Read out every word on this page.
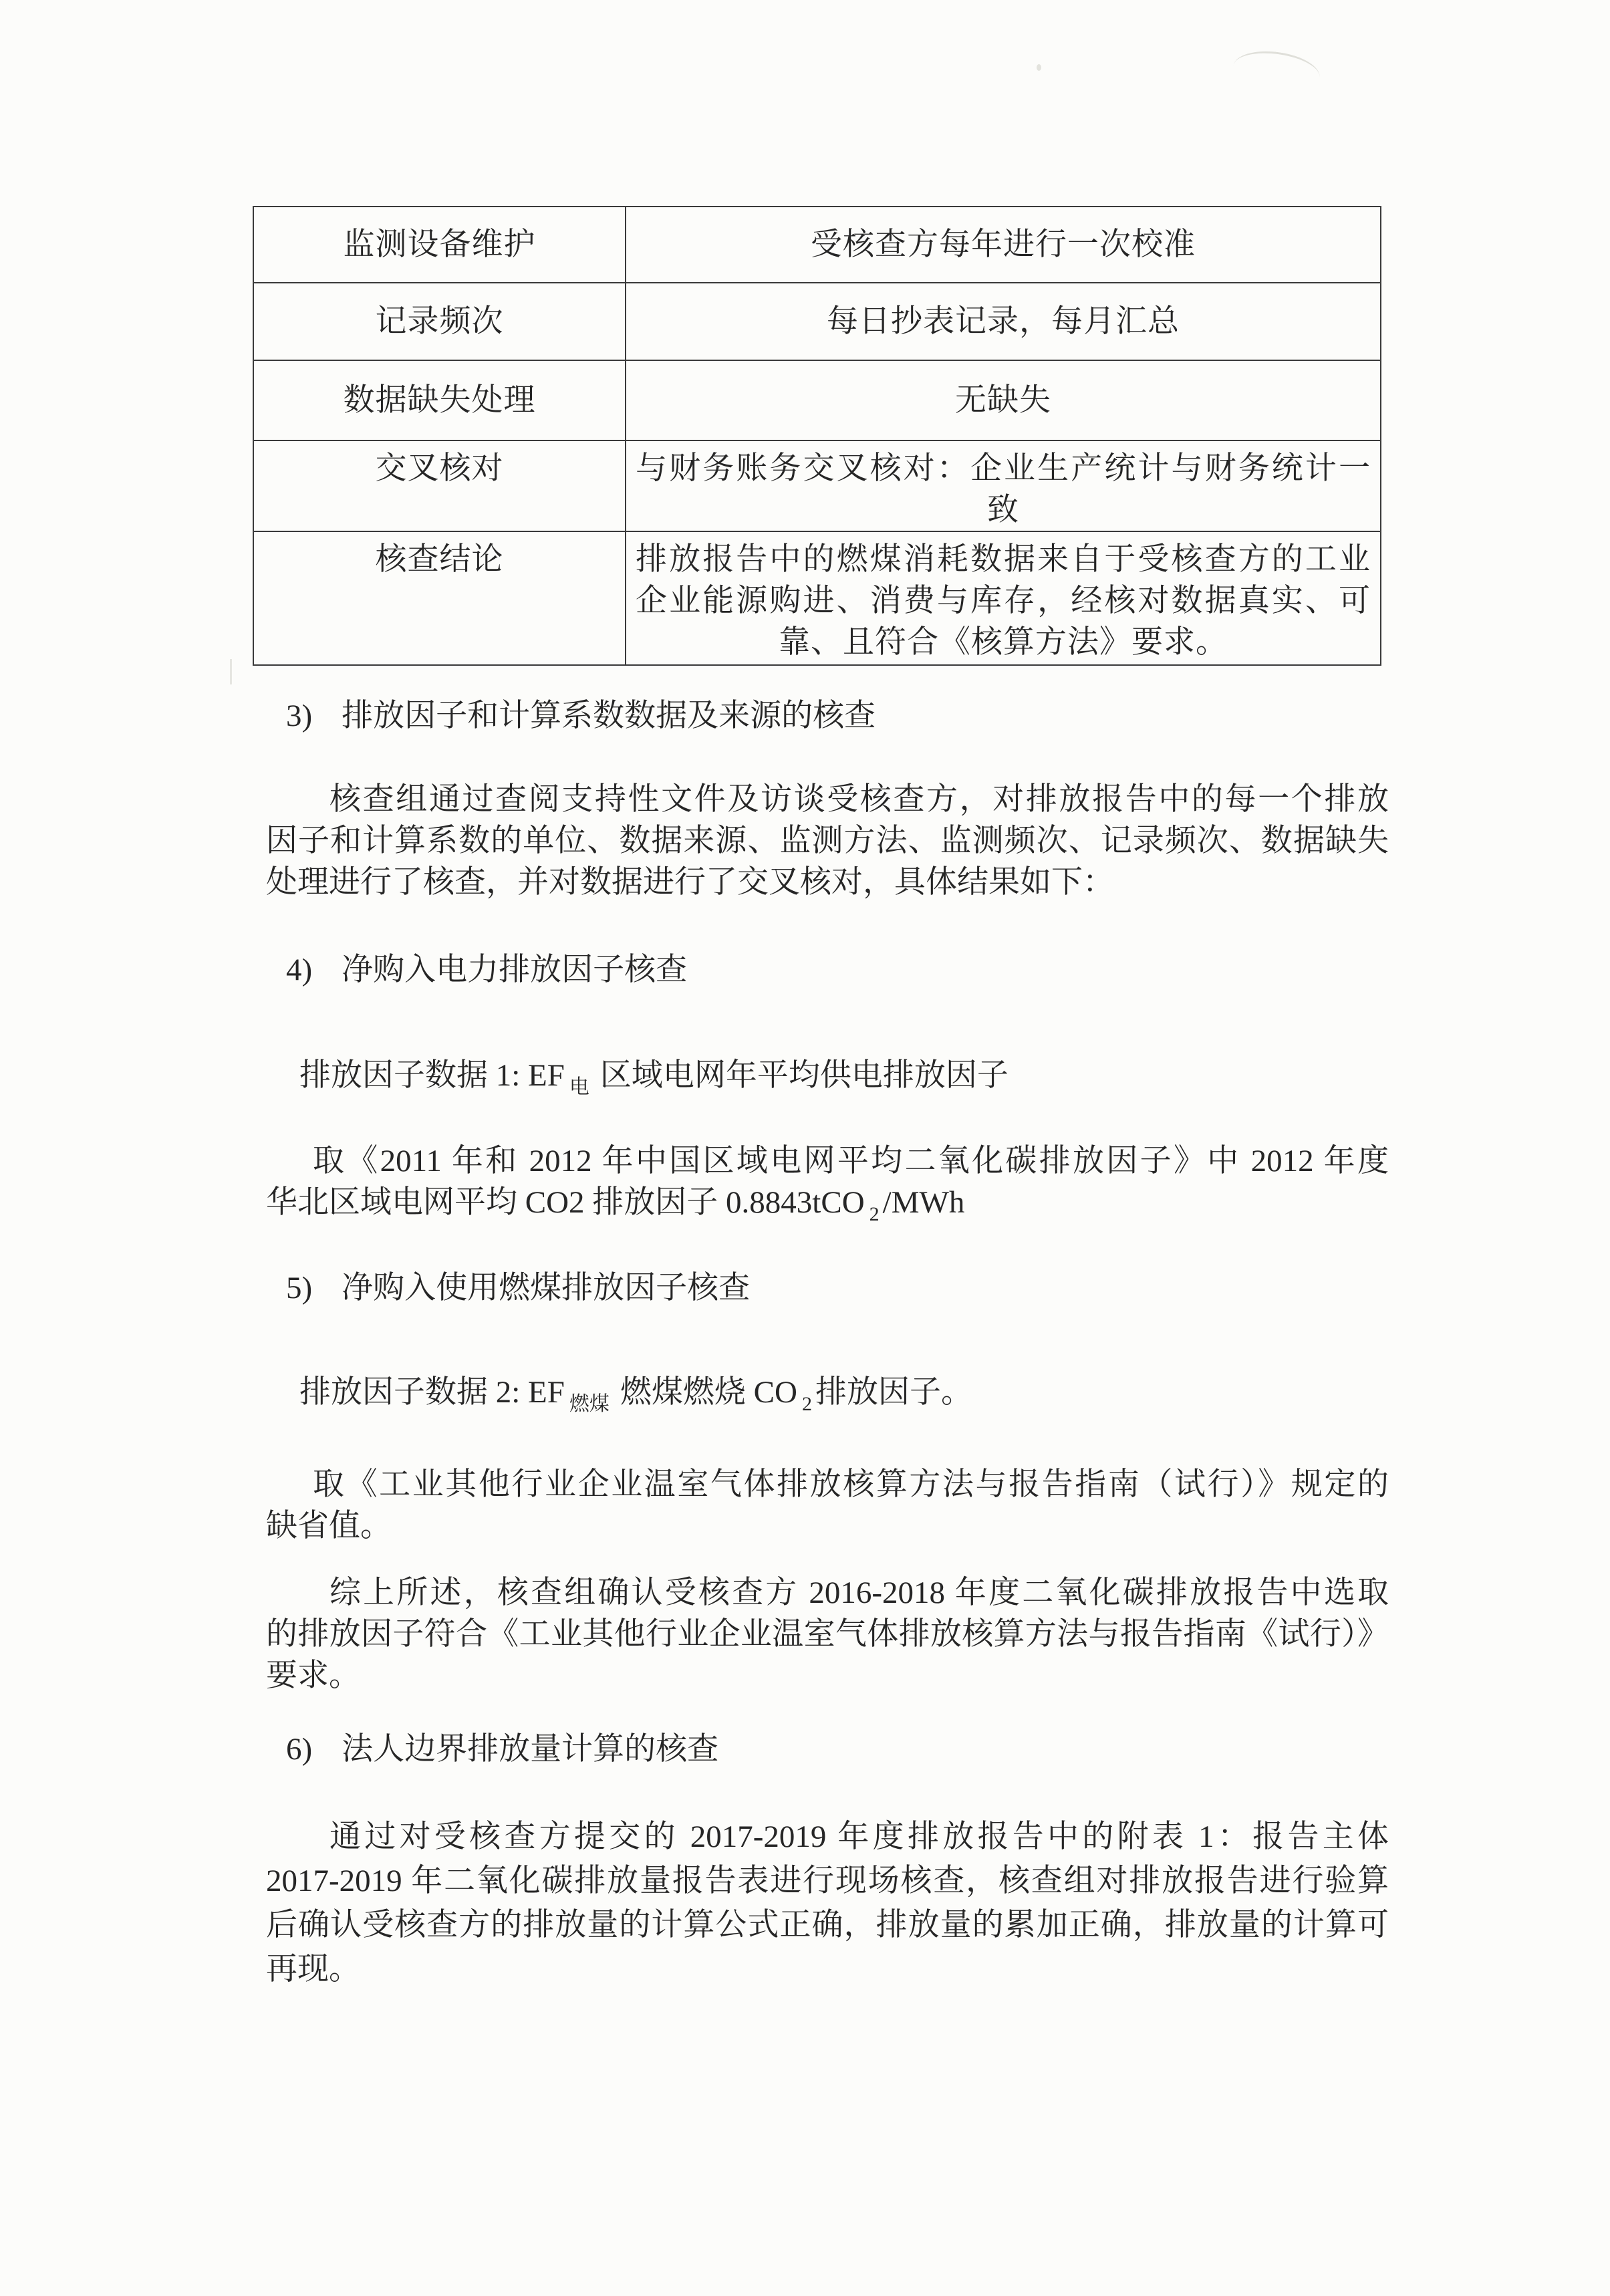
监测设备维护	受核查方每年进行一次校准

记录频次	每日抄表记录，每月汇总

数据缺失处理	无缺失

交叉核对	与财务账务交叉核对：企业生产统计与财务统计一
致

核查结论	排放报告中的燃煤消耗数据来自于受核查方的工业
企业能源购进、消费与库存，经核对数据真实、可
靠、且符合《核算方法》要求。
3) 排放因子和计算系数数据及来源的核查
核查组通过查阅支持性文件及访谈受核查方，对排放报告中的每一个排放
因子和计算系数的单位、数据来源、监测方法、监测频次、记录频次、数据缺失
处理进行了核查，并对数据进行了交叉核对，具体结果如下：
4) 净购入电力排放因子核查
排放因子数据 1: EF $_电$ 区域电网年平均供电排放因子
取《2011 年和 2012 年中国区域电网平均二氧化碳排放因子》中 2012 年度
华北区域电网平均 CO2 排放因子 0.8843tCO $_2$ /MWh
5) 净购入使用燃煤排放因子核查
排放因子数据 2: EF $_{燃煤}$ 燃煤燃烧 CO $_2$ 排放因子。
取《工业其他行业企业温室气体排放核算方法与报告指南（试行）》规定的
缺省值。
综上所述，核查组确认受核查方 2016-2018 年度二氧化碳排放报告中选取
的排放因子符合《工业其他行业企业温室气体排放核算方法与报告指南《试行）》
要求。
6) 法人边界排放量计算的核查
通过对受核查方提交的 2017-2019 年度排放报告中的附表 1：报告主体
2017-2019 年二氧化碳排放量报告表进行现场核查，核查组对排放报告进行验算
后确认受核查方的排放量的计算公式正确，排放量的累加正确，排放量的计算可
再现。
